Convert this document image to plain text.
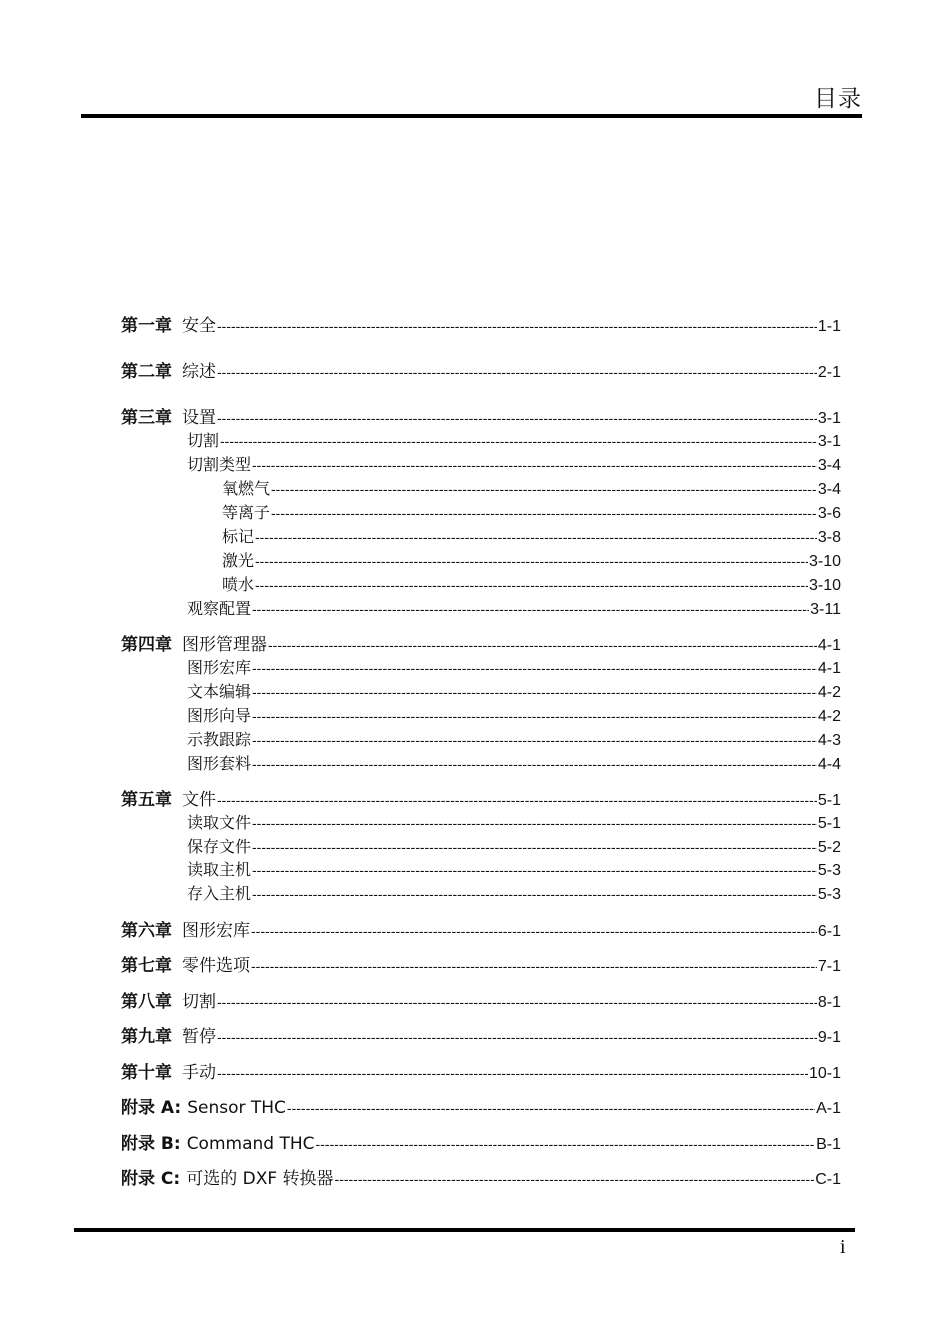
目录
第一章 安全 -----	1-1
第二章 综述 -----	2-1
第三章 设置 -----	3-1
切割 -----	3-1
切割类型 -----	3-4
氧燃气 -----	3-4
等离子 -----	3-6
标记 -----	3-8
激光 -----	3-10
喷水 -----	3-10
观察配置 -----	3-11
第四章 图形管理器 -----	4-1
图形宏库 -----	4-1
文本编辑 -----	4-2
图形向导 -----	4-2
示教跟踪 -----	4-3
图形套料 -----	4-4
第五章 文件 -----	5-1
读取文件 -----	5-1
保存文件 -----	5-2
读取主机 -----	5-3
存入主机 -----	5-3
第六章 图形宏库 -----	6-1
第七章 零件选项 -----	7-1
第八章 切割 -----	8-1
第九章 暂停 -----	9-1
第十章 手动 -----	10-1
附录 A: Sensor THC -----	A-1
附录 B: Command THC -----	B-1
附录 C: 可选的 DXF 转换器 -----	C-1
i
